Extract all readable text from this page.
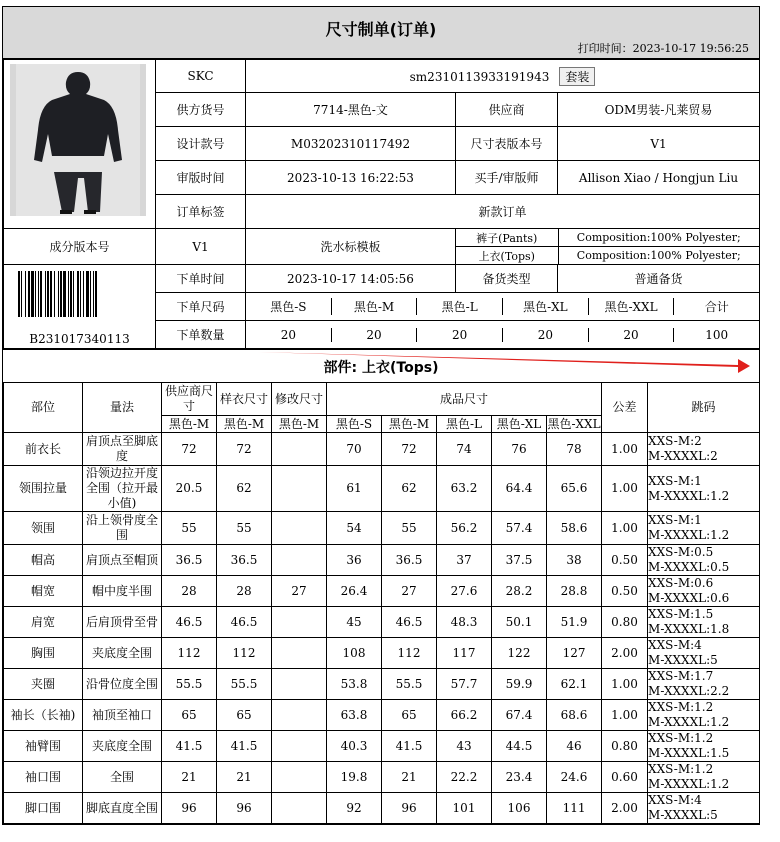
尺寸制单(订单)
打印时间：2023-10-17 19:56:25
	SKC	sm2310113933191943 套装
供方货号	7714-黑色-文	供应商	ODM男装-凡莱贸易
设计款号	M03202310117492	尺寸表版本号	V1
审版时间	2023-10-13 16:22:53	买手/审版师	Allison Xiao / Hongjun Liu
订单标签	新款订单
成分版本号	V1	洗水标模板	
裤子(Pants)	Composition:100% Polyester;
上衣(Tops)	Composition:100% Polyester;

B231017340113
	下单时间	2023-10-17 14:05:56	备货类型	普通备货
下单尺码	黑色-S	黑色-M	黑色-L	黑色-XL	黑色-XXL	合计

下单数量	20	20	20	20	20	100
部件: 上衣(Tops)
部位	量法	供应商尺寸	样衣尺寸	修改尺寸	成品尺寸					公差	跳码
		黑色-M	黑色-M	黑色-M	黑色-S	黑色-M	黑色-L	黑色-XL	黑色-XXL		
前衣长	肩顶点至脚底度	72	72		70	72	74	76	78	1.00	XXS-M:2
M-XXXXL:2

领围拉量	沿领边拉开度全围（拉开最小值)	20.5	62		61	62	63.2	64.4	65.6	1.00	XXS-M:1
M-XXXXL:1.2

领围	沿上领骨度全围	55	55		54	55	56.2	57.4	58.6	1.00	XXS-M:1
M-XXXXL:1.2

帽高	肩顶点至帽顶	36.5	36.5		36	36.5	37	37.5	38	0.50	XXS-M:0.5
M-XXXXL:0.5

帽宽	帽中度半围	28	28	27	26.4	27	27.6	28.2	28.8	0.50	XXS-M:0.6
M-XXXXL:0.6

肩宽	后肩顶骨至骨	46.5	46.5		45	46.5	48.3	50.1	51.9	0.80	XXS-M:1.5
M-XXXXL:1.8

胸围	夹底度全围	112	112		108	112	117	122	127	2.00	XXS-M:4
M-XXXXL:5

夹圈	沿骨位度全围	55.5	55.5		53.8	55.5	57.7	59.9	62.1	1.00	XXS-M:1.7
M-XXXXL:2.2

袖长（长袖)	袖顶至袖口	65	65		63.8	65	66.2	67.4	68.6	1.00	XXS-M:1.2
M-XXXXL:1.2

袖臂围	夹底度全围	41.5	41.5		40.3	41.5	43	44.5	46	0.80	XXS-M:1.2
M-XXXXL:1.5

袖口围	全围	21	21		19.8	21	22.2	23.4	24.6	0.60	XXS-M:1.2
M-XXXXL:1.2

脚口围	脚底直度全围	96	96		92	96	101	106	111	2.00	XXS-M:4
M-XXXXL:5
